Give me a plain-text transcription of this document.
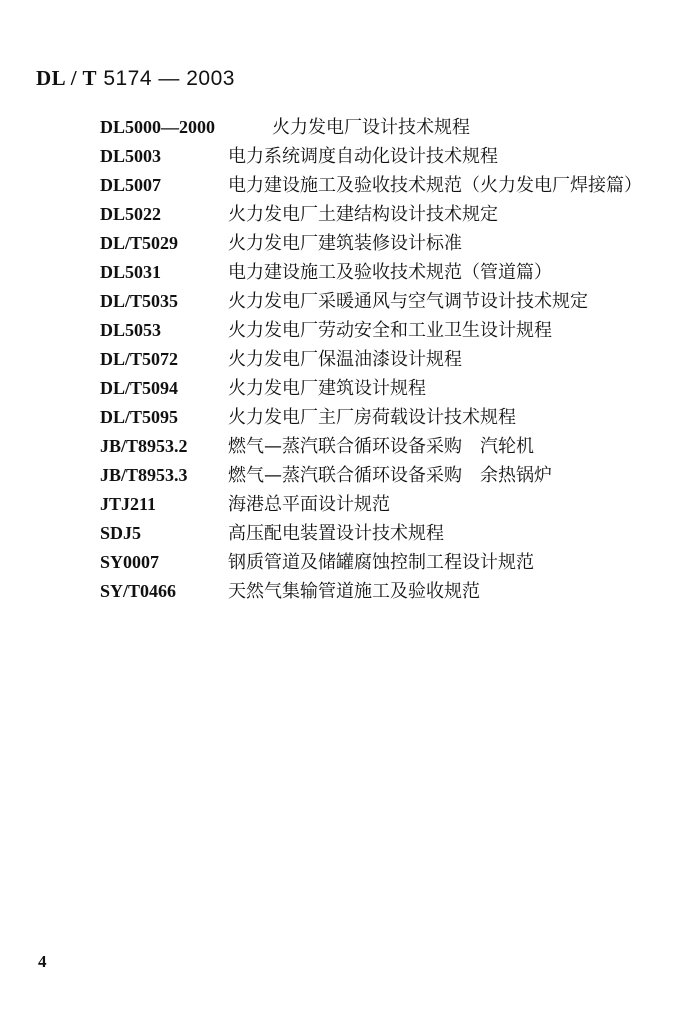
DL / T 5174 — 2003
DL5000—2000	火力发电厂设计技术规程
DL5003	电力系统调度自动化设计技术规程
DL5007	电力建设施工及验收技术规范（火力发电厂焊接篇）
DL5022	火力发电厂土建结构设计技术规定
DL/T5029	火力发电厂建筑装修设计标准
DL5031	电力建设施工及验收技术规范（管道篇）
DL/T5035	火力发电厂采暖通风与空气调节设计技术规定
DL5053	火力发电厂劳动安全和工业卫生设计规程
DL/T5072	火力发电厂保温油漆设计规程
DL/T5094	火力发电厂建筑设计规程
DL/T5095	火力发电厂主厂房荷载设计技术规程
JB/T8953.2	燃气—蒸汽联合循环设备采购　汽轮机
JB/T8953.3	燃气—蒸汽联合循环设备采购　余热锅炉
JTJ211	海港总平面设计规范
SDJ5	高压配电装置设计技术规程
SY0007	钢质管道及储罐腐蚀控制工程设计规范
SY/T0466	天然气集输管道施工及验收规范
4
